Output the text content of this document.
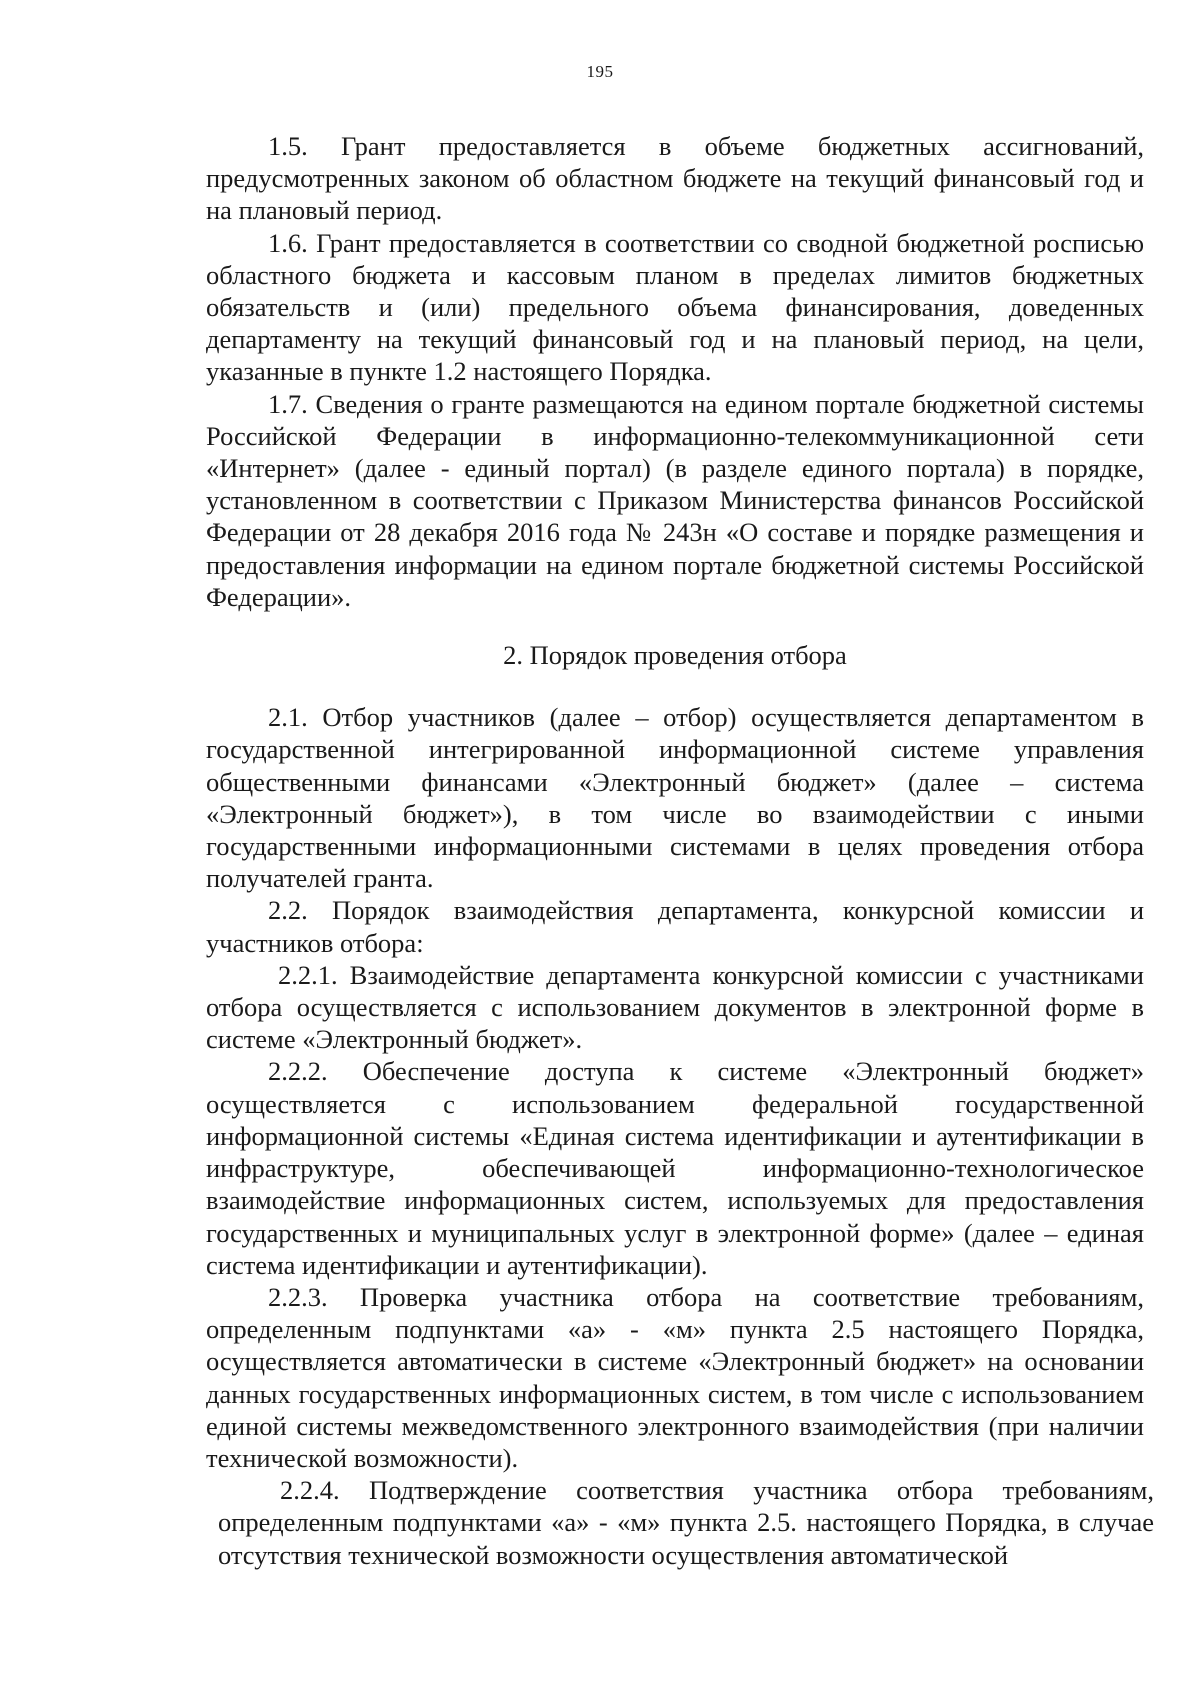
195

1.5. Грант предоставляется в объеме бюджетных ассигнований, предусмотренных законом об областном бюджете на текущий финансовый год и на плановый период.

1.6. Грант предоставляется в соответствии со сводной бюджетной росписью областного бюджета и кассовым планом в пределах лимитов бюджетных обязательств и (или) предельного объема финансирования, доведенных департаменту на текущий финансовый год и на плановый период, на цели, указанные в пункте 1.2 настоящего Порядка.

1.7. Сведения о гранте размещаются на едином портале бюджетной системы Российской Федерации в информационно-телекоммуникационной сети «Интернет» (далее - единый портал) (в разделе единого портала) в порядке, установленном в соответствии с Приказом Министерства финансов Российской Федерации от 28 декабря 2016 года № 243н «О составе и порядке размещения и предоставления информации на едином портале бюджетной системы Российской Федерации».

2. Порядок проведения отбора

2.1. Отбор участников (далее – отбор) осуществляется департаментом в государственной интегрированной информационной системе управления общественными финансами «Электронный бюджет» (далее – система «Электронный бюджет»), в том числе во взаимодействии с иными государственными информационными системами в целях проведения отбора получателей гранта.

2.2. Порядок взаимодействия департамента, конкурсной комиссии и участников отбора:

2.2.1. Взаимодействие департамента конкурсной комиссии с участниками отбора осуществляется с использованием документов в электронной форме в системе «Электронный бюджет».

2.2.2. Обеспечение доступа к системе «Электронный бюджет» осуществляется с использованием федеральной государственной информационной системы «Единая система идентификации и аутентификации в инфраструктуре, обеспечивающей информационно-технологическое взаимодействие информационных систем, используемых для предоставления государственных и муниципальных услуг в электронной форме» (далее – единая система идентификации и аутентификации).

2.2.3. Проверка участника отбора на соответствие требованиям, определенным подпунктами «а» - «м» пункта 2.5 настоящего Порядка, осуществляется автоматически в системе «Электронный бюджет» на основании данных государственных информационных систем, в том числе с использованием единой системы межведомственного электронного взаимодействия (при наличии технической возможности).

2.2.4. Подтверждение соответствия участника отбора требованиям, определенным подпунктами «а» - «м» пункта 2.5. настоящего Порядка, в случае отсутствия технической возможности осуществления автоматической
